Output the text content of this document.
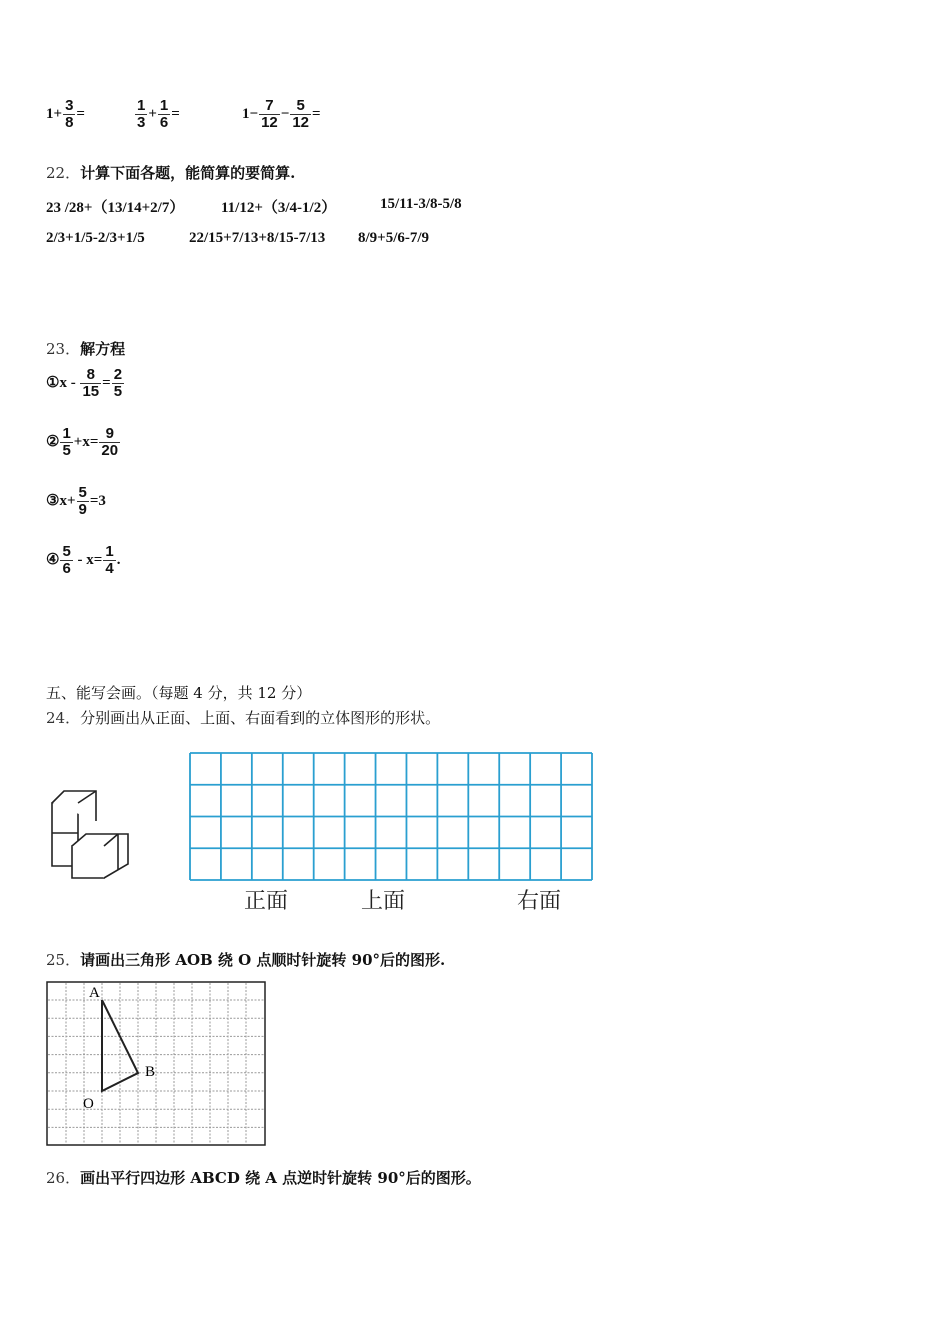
$1+ \frac{3}{8}$ =	$\frac{1}{3} + \frac{1}{6}$ =	$1- \frac{7}{12} - \frac{5}{12}$ =
22．计算下面各题，能简算的要简算.
23 /28+（13/14+2/7） 11/12+（3/4-1/2）	15/11-3/8-5/8
2/3+1/5-2/3+1/5	22/15+7/13+8/15-7/13 8/9+5/6-7/9
23．解方程
①x - $\frac{8}{15} = \frac{2}{5}$
② $\frac{1}{5} +x= \frac{9}{20}$
③x+ $\frac{5}{9} =3$
④ $\frac{5}{6} - x= \frac{1}{4}$ .
五、能写会画。（每题 4 分，共 12 分）
24．分别画出从正面、上面、右面看到的立体图形的形状。
正面	上面	右面
25．请画出三角形 AOB 绕 O 点顺时针旋转 90°后的图形.
A
B
O
26．画出平行四边形 ABCD 绕 A 点逆时针旋转 90°后的图形。
